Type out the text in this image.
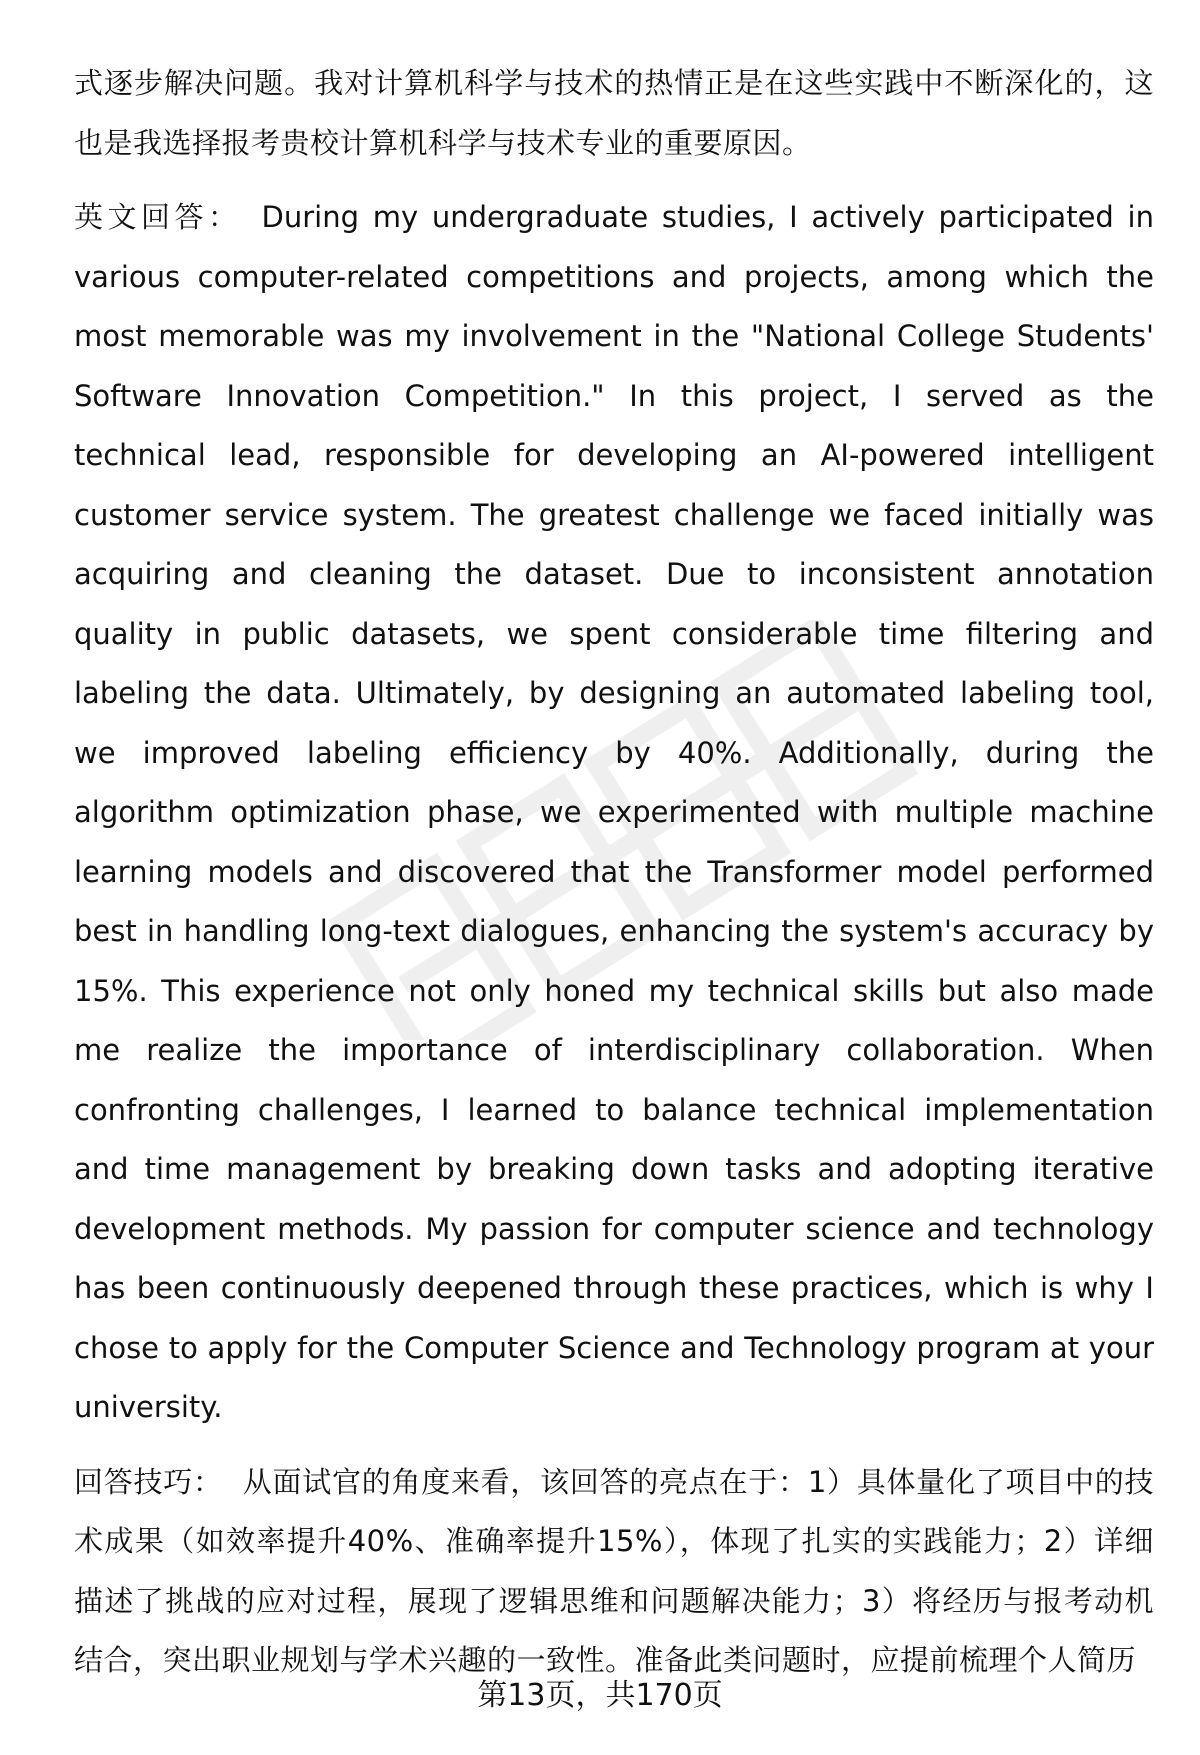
式逐步解决问题。我对计算机科学与技术的热情正是在这些实践中不断深化的，这也是我选择报考贵校计算机科学与技术专业的重要原因。

英文回答： During my undergraduate studies, I actively participated in various computer-related competitions and projects, among which the most memorable was my involvement in the "National College Students' Software Innovation Competition." In this project, I served as the technical lead, responsible for developing an AI-powered intelligent customer service system. The greatest challenge we faced initially was acquiring and cleaning the dataset. Due to inconsistent annotation quality in public datasets, we spent considerable time filtering and labeling the data. Ultimately, by designing an automated labeling tool, we improved labeling efficiency by 40%. Additionally, during the algorithm optimization phase, we experimented with multiple machine learning models and discovered that the Transformer model performed best in handling long-text dialogues, enhancing the system's accuracy by 15%. This experience not only honed my technical skills but also made me realize the importance of interdisciplinary collaboration. When confronting challenges, I learned to balance technical implementation and time management by breaking down tasks and adopting iterative development methods. My passion for computer science and technology has been continuously deepened through these practices, which is why I chose to apply for the Computer Science and Technology program at your university.

回答技巧： 从面试官的角度来看，该回答的亮点在于：1）具体量化了项目中的技术成果（如效率提升40%、准确率提升15%），体现了扎实的实践能力；2）详细描述了挑战的应对过程，展现了逻辑思维和问题解决能力；3）将经历与报考动机结合，突出职业规划与学术兴趣的一致性。准备此类问题时，应提前梳理个人简历

第13页，共170页
